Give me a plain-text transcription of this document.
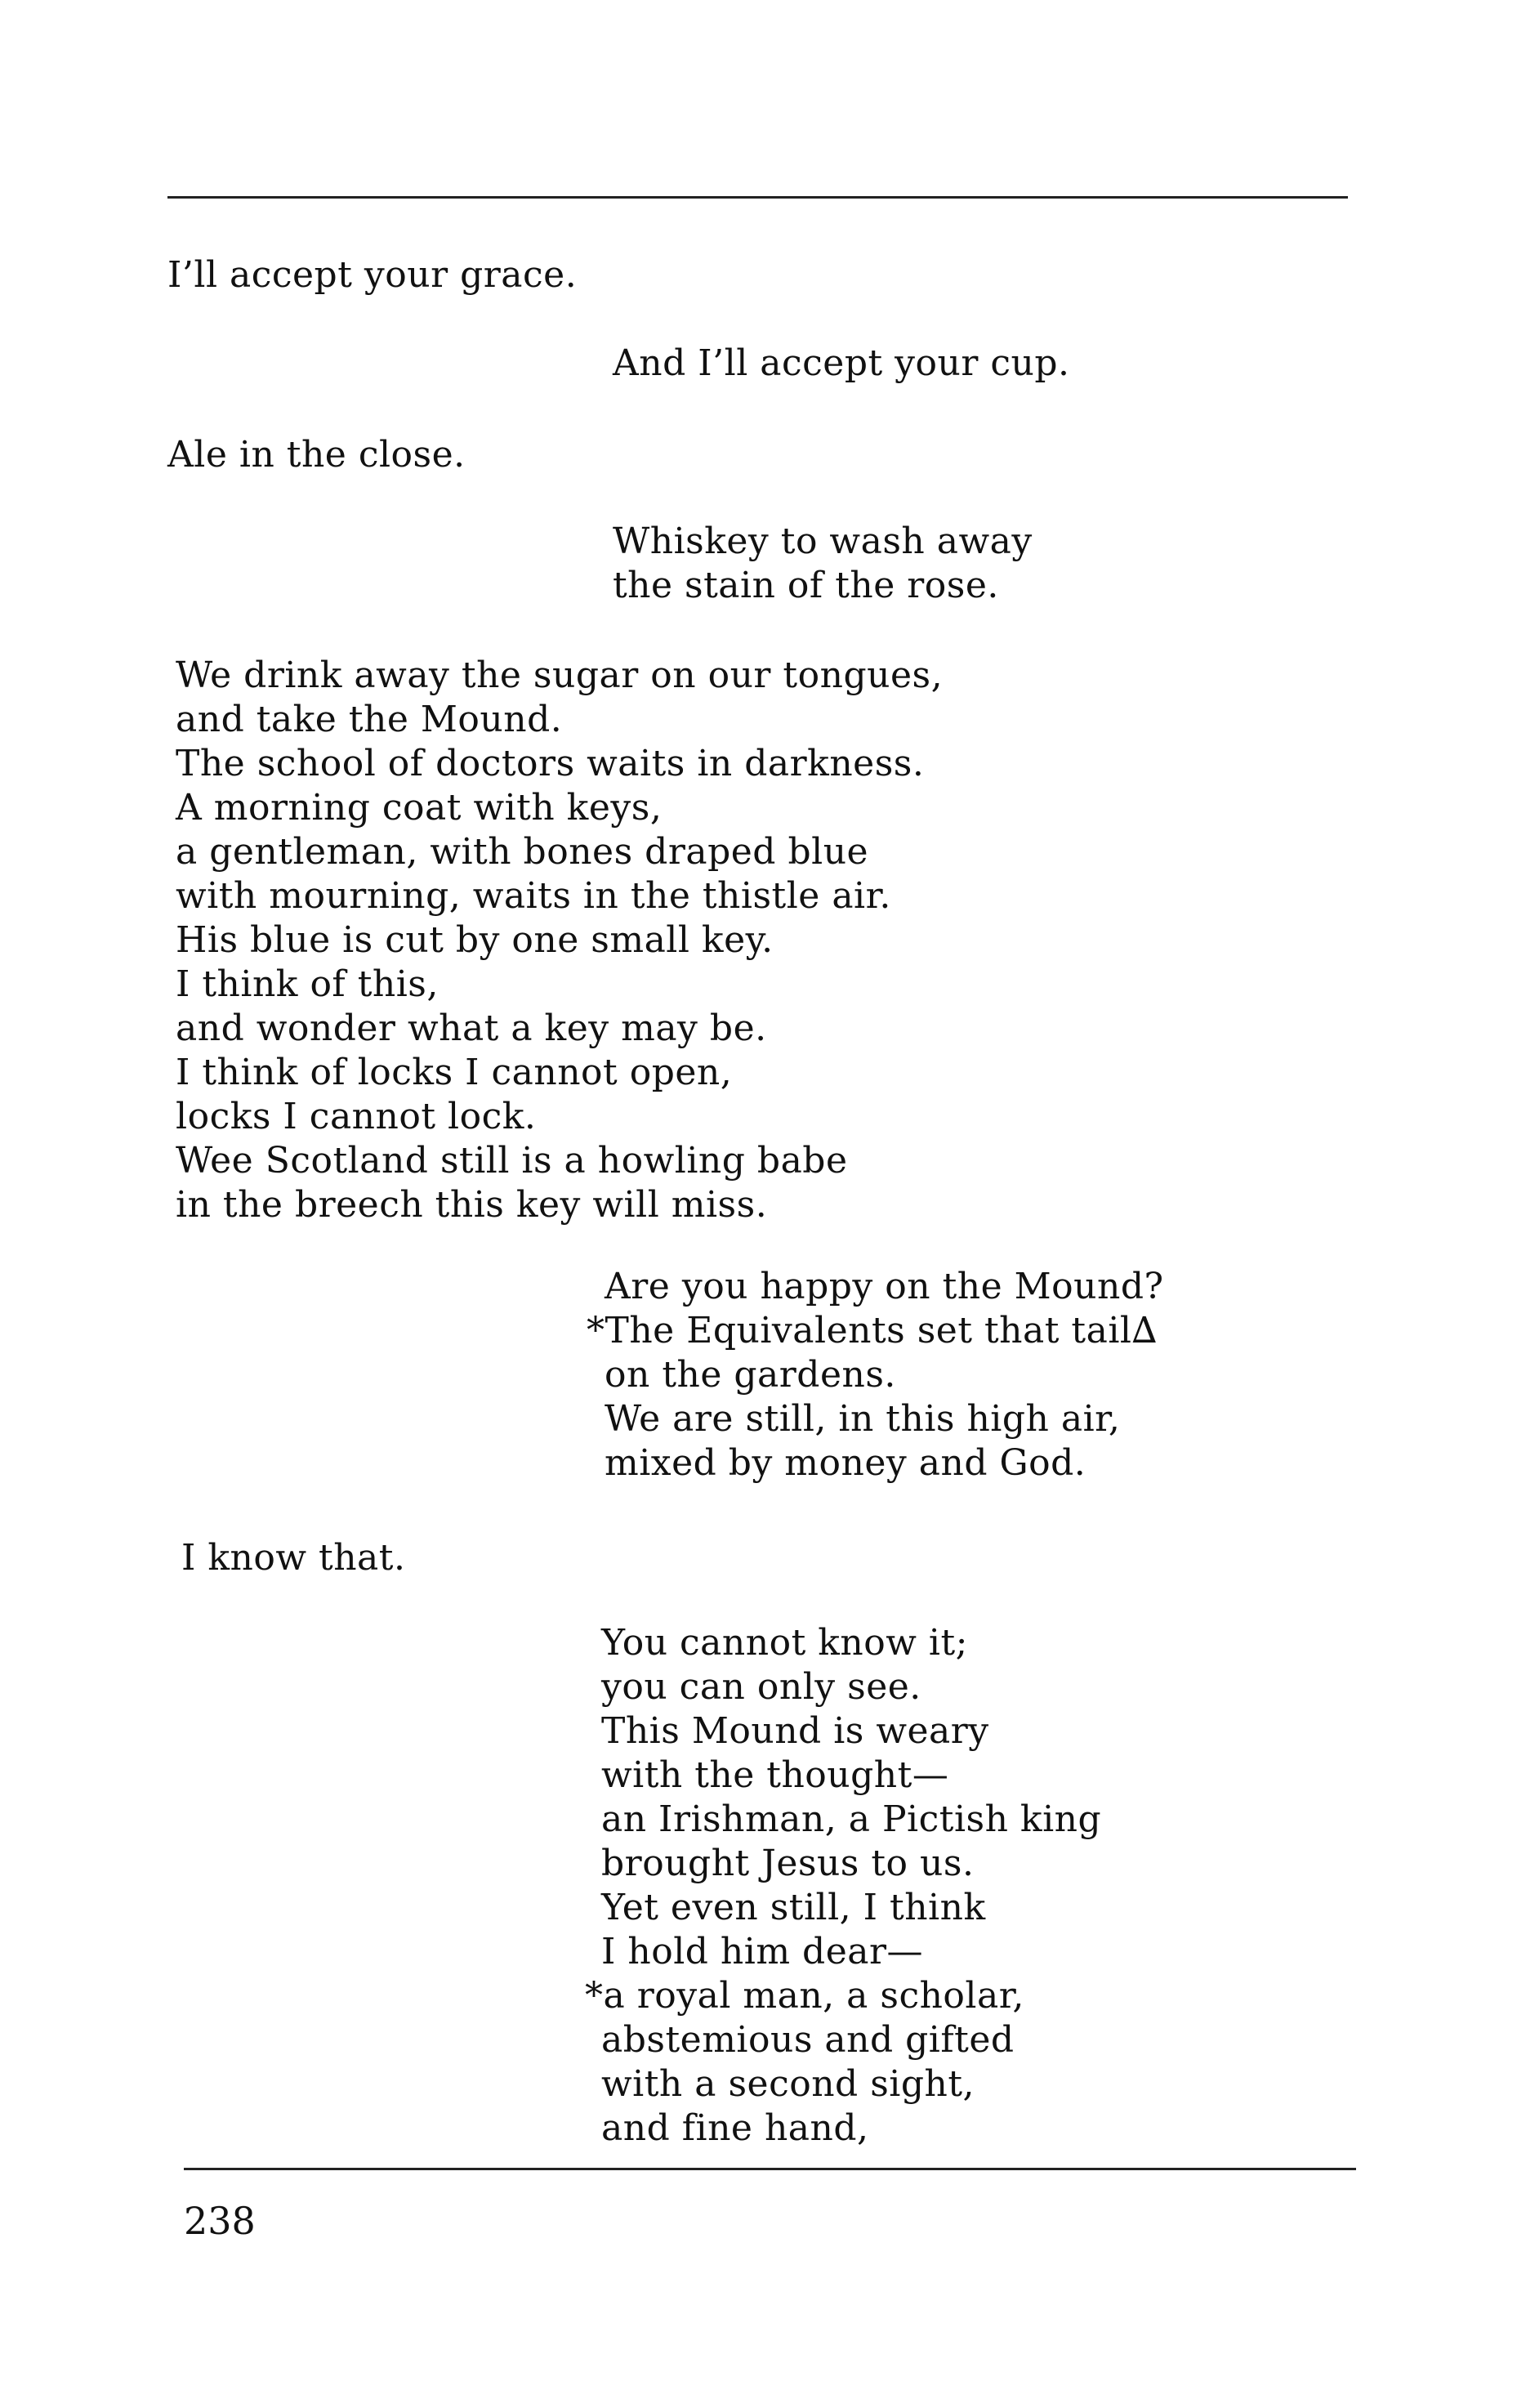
I’ll accept your grace.
And I’ll accept your cup.
Ale in the close.
Whiskey to wash away
the stain of the rose.
We drink away the sugar on our tongues,
and take the Mound.
The school of doctors waits in darkness.
A morning coat with keys,
a gentleman, with bones draped blue
with mourning, waits in the thistle air.
His blue is cut by one small key.
I think of this,
and wonder what a key may be.
I think of locks I cannot open,
locks I cannot lock.
Wee Scotland still is a howling babe
in the breech this key will miss.
Are you happy on the Mound?
*The Equivalents set that tail∆
on the gardens.
We are still, in this high air,
mixed by money and God.
I know that.
You cannot know it;
you can only see.
This Mound is weary
with the thought—
an Irishman, a Pictish king
brought Jesus to us.
Yet even still, I think
I hold him dear—
*a royal man, a scholar,
abstemious and gifted
with a second sight,
and fine hand,
238
